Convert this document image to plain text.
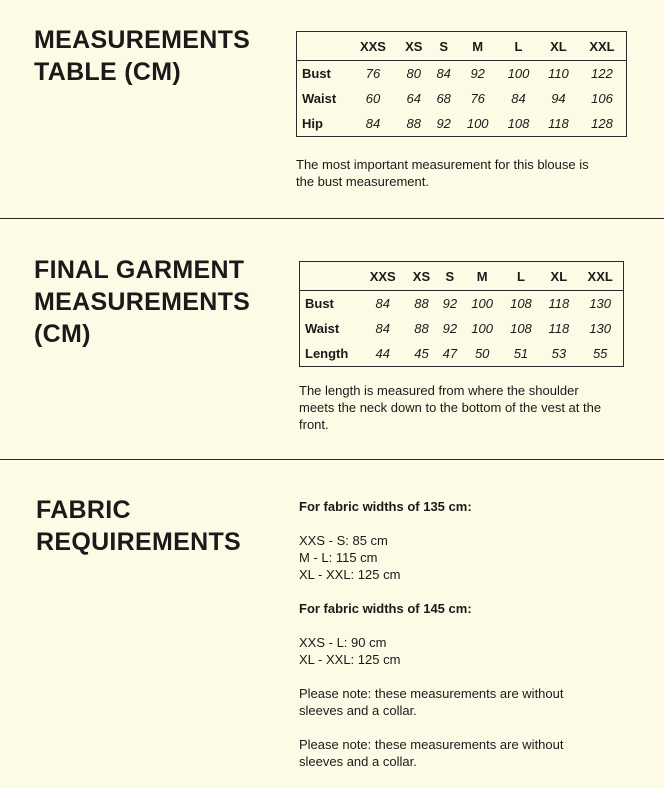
MEASUREMENTS
TABLE (CM)
	XXS	XS	S	M	L	XL	XXL
Bust	76	80	84	92	100	110	122
Waist	60	64	68	76	84	94	106
Hip	84	88	92	100	108	118	128

The most important measurement for this blouse is
the bust measurement.

FINAL GARMENT
MEASUREMENTS
(CM)
	XXS	XS	S	M	L	XL	XXL
Bust	84	88	92	100	108	118	130
Waist	84	88	92	100	108	118	130
Length	44	45	47	50	51	53	55

The length is measured from where the shoulder
meets the neck down to the bottom of the vest at the
front.

FABRIC
REQUIREMENTS
For fabric widths of 135 cm:
XXS - S: 85 cm
M - L: 115 cm
XL - XXL: 125 cm
For fabric widths of 145 cm:
XXS - L: 90 cm
XL - XXL: 125 cm
Please note: these measurements are without
sleeves and a collar.
Please note: these measurements are without
sleeves and a collar.
